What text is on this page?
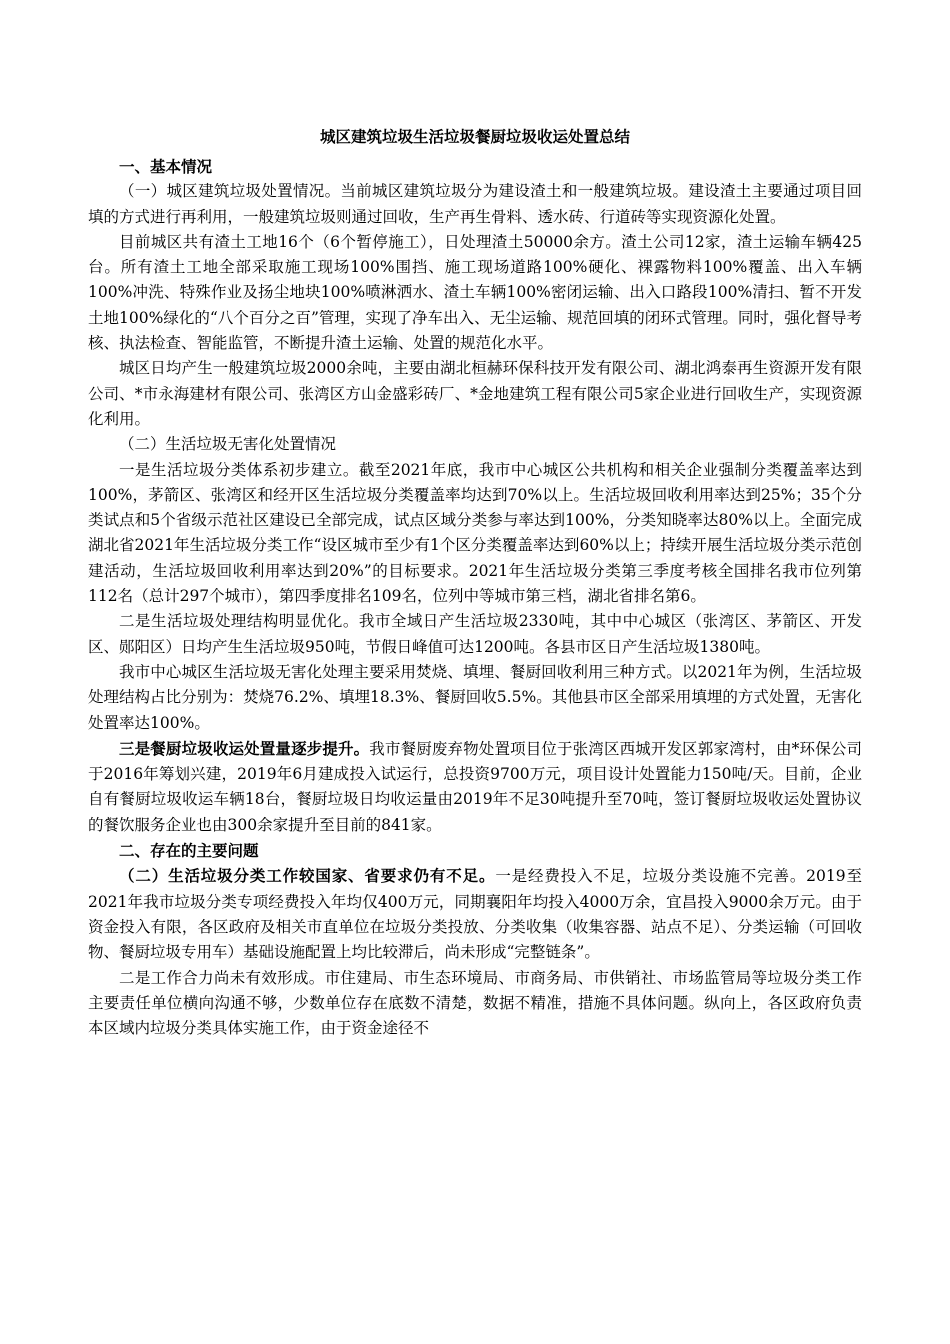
城区建筑垃圾生活垃圾餐厨垃圾收运处置总结
一、基本情况

（一）城区建筑垃圾处置情况。当前城区建筑垃圾分为建设渣土和一般建筑垃圾。建设渣土主要通过项目回填的方式进行再利用，一般建筑垃圾则通过回收，生产再生骨料、透水砖、行道砖等实现资源化处置。

目前城区共有渣土工地16个（6个暂停施工），日处理渣土50000余方。渣土公司12家，渣土运输车辆425台。所有渣土工地全部采取施工现场100%围挡、施工现场道路100%硬化、裸露物料100%覆盖、出入车辆100%冲洗、特殊作业及扬尘地块100%喷淋洒水、渣土车辆100%密闭运输、出入口路段100%清扫、暂不开发土地100%绿化的“八个百分之百”管理，实现了净车出入、无尘运输、规范回填的闭环式管理。同时，强化督导考核、执法检查、智能监管，不断提升渣土运输、处置的规范化水平。

城区日均产生一般建筑垃圾2000余吨，主要由湖北桓赫环保科技开发有限公司、湖北鸿泰再生资源开发有限公司、*市永海建材有限公司、张湾区方山金盛彩砖厂、*金地建筑工程有限公司5家企业进行回收生产，实现资源化利用。

（二）生活垃圾无害化处置情况

一是生活垃圾分类体系初步建立。截至2021年底，我市中心城区公共机构和相关企业强制分类覆盖率达到100%，茅箭区、张湾区和经开区生活垃圾分类覆盖率均达到70%以上。生活垃圾回收利用率达到25%；35个分类试点和5个省级示范社区建设已全部完成，试点区域分类参与率达到100%，分类知晓率达80%以上。全面完成湖北省2021年生活垃圾分类工作“设区城市至少有1个区分类覆盖率达到60%以上；持续开展生活垃圾分类示范创建活动，生活垃圾回收利用率达到20%”的目标要求。2021年生活垃圾分类第三季度考核全国排名我市位列第112名（总计297个城市），第四季度排名109名，位列中等城市第三档，湖北省排名第6。

二是生活垃圾处理结构明显优化。我市全域日产生活垃圾2330吨，其中中心城区（张湾区、茅箭区、开发区、郧阳区）日均产生生活垃圾950吨，节假日峰值可达1200吨。各县市区日产生活垃圾1380吨。

我市中心城区生活垃圾无害化处理主要采用焚烧、填埋、餐厨回收利用三种方式。以2021年为例，生活垃圾处理结构占比分别为：焚烧76.2%、填埋18.3%、餐厨回收5.5%。其他县市区全部采用填埋的方式处置，无害化处置率达100%。

三是餐厨垃圾收运处置量逐步提升。我市餐厨废弃物处置项目位于张湾区西城开发区郭家湾村，由*环保公司于2016年筹划兴建，2019年6月建成投入试运行，总投资9700万元，项目设计处置能力150吨/天。目前，企业自有餐厨垃圾收运车辆18台，餐厨垃圾日均收运量由2019年不足30吨提升至70吨，签订餐厨垃圾收运处置协议的餐饮服务企业也由300余家提升至目前的841家。

二、存在的主要问题

（二）生活垃圾分类工作较国家、省要求仍有不足。一是经费投入不足，垃圾分类设施不完善。2019至2021年我市垃圾分类专项经费投入年均仅400万元，同期襄阳年均投入4000万余，宜昌投入9000余万元。由于资金投入有限，各区政府及相关市直单位在垃圾分类投放、分类收集（收集容器、站点不足）、分类运输（可回收物、餐厨垃圾专用车）基础设施配置上均比较滞后，尚未形成“完整链条”。

二是工作合力尚未有效形成。市住建局、市生态环境局、市商务局、市供销社、市场监管局等垃圾分类工作主要责任单位横向沟通不够，少数单位存在底数不清楚，数据不精准，措施不具体问题。纵向上，各区政府负责本区域内垃圾分类具体实施工作，由于资金途径不
